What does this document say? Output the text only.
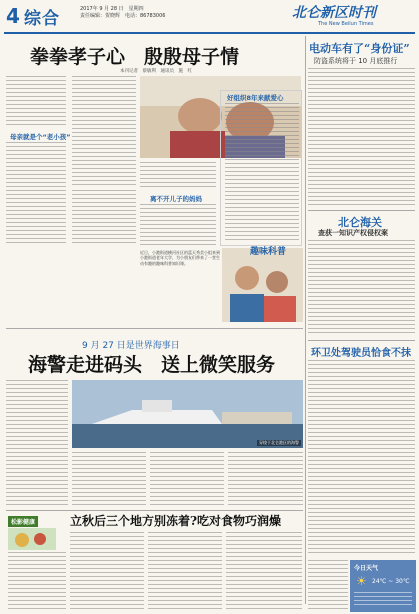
4 综合	2017年 9 月 28 日　星期四
责任编辑：贺晓辉　电话：86783006	北仑新区时刊
The New Beilun Times
拳拳孝子心　殷殷母子情
本刊记者　蔡敏利　通讯员　施　红
母亲就是个“老小孩”
离不开儿子的妈妈
好组织8年来献爱心
电动车有了“身份证”
防盗系统将于 10 月底推行
趣味科普
近日，小港街道横河社区的蓝天秀美小组来到小港街道老年大学，为小朋友们带来了一堂生动有趣的趣味科普知识课。
北仑海关
查获一知识产权侵权案
9 月 27 日是世界海事日
海警走进码头　送上微笑服务
穿梭于北仑港区的海警
环卫处驾驶员恰食不抹
松影健康	立秋后三个地方别冻着?吃对食物巧润燥
今日天气
☀ 24℃ ~ 30℃
